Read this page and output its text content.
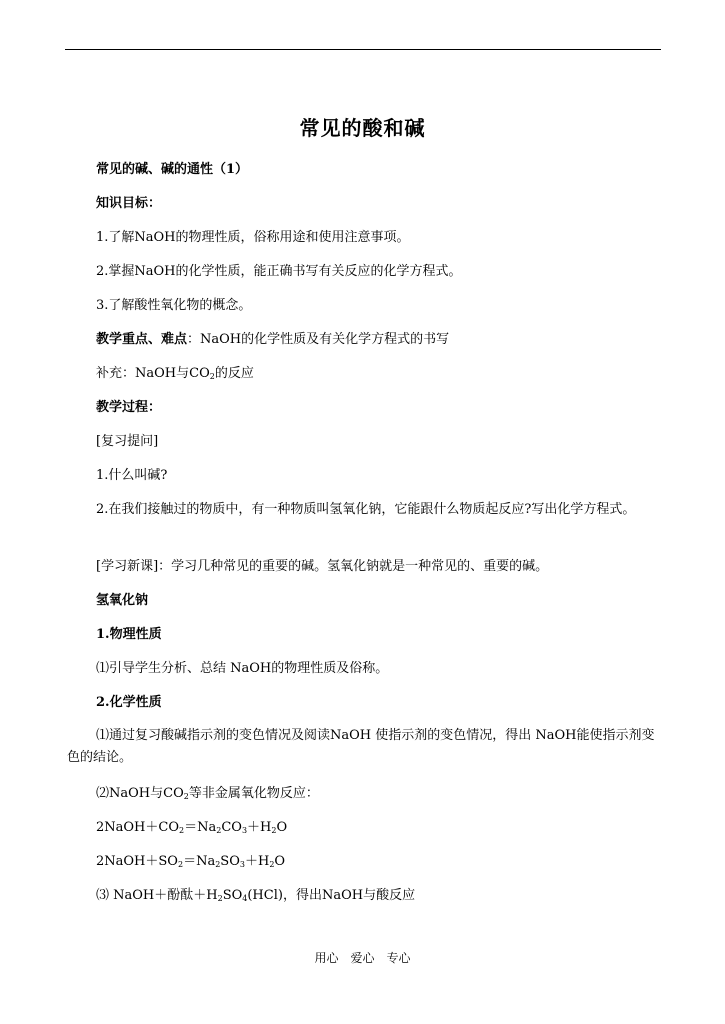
常见的酸和碱
常见的碱、碱的通性（1）
知识目标：
1.了解NaOH的物理性质，俗称用途和使用注意事项。
2.掌握NaOH的化学性质，能正确书写有关反应的化学方程式。
3.了解酸性氧化物的概念。
教学重点、难点：NaOH的化学性质及有关化学方程式的书写
补充：NaOH与$CO_2$的反应
教学过程：
[复习提问]
1.什么叫碱?
2.在我们接触过的物质中，有一种物质叫氢氧化钠，它能跟什么物质起反应?写出化学方程式。
[学习新课]：学习几种常见的重要的碱。氢氧化钠就是一种常见的、重要的碱。
氢氧化钠
1.物理性质
⑴引导学生分析、总结 NaOH的物理性质及俗称。
2.化学性质
⑴通过复习酸碱指示剂的变色情况及阅读NaOH 使指示剂的变色情况，得出 NaOH能使指示剂变色的结论。
⑵NaOH与$CO_2$等非金属氧化物反应：
$2NaOH+CO_2=Na_2CO_3+H_2O$
$2NaOH+SO_2=Na_2SO_3+H_2O$
⑶ NaOH＋酚酞$+H_2SO_4(HCl)$，得出NaOH与酸反应
用心　爱心　专心
